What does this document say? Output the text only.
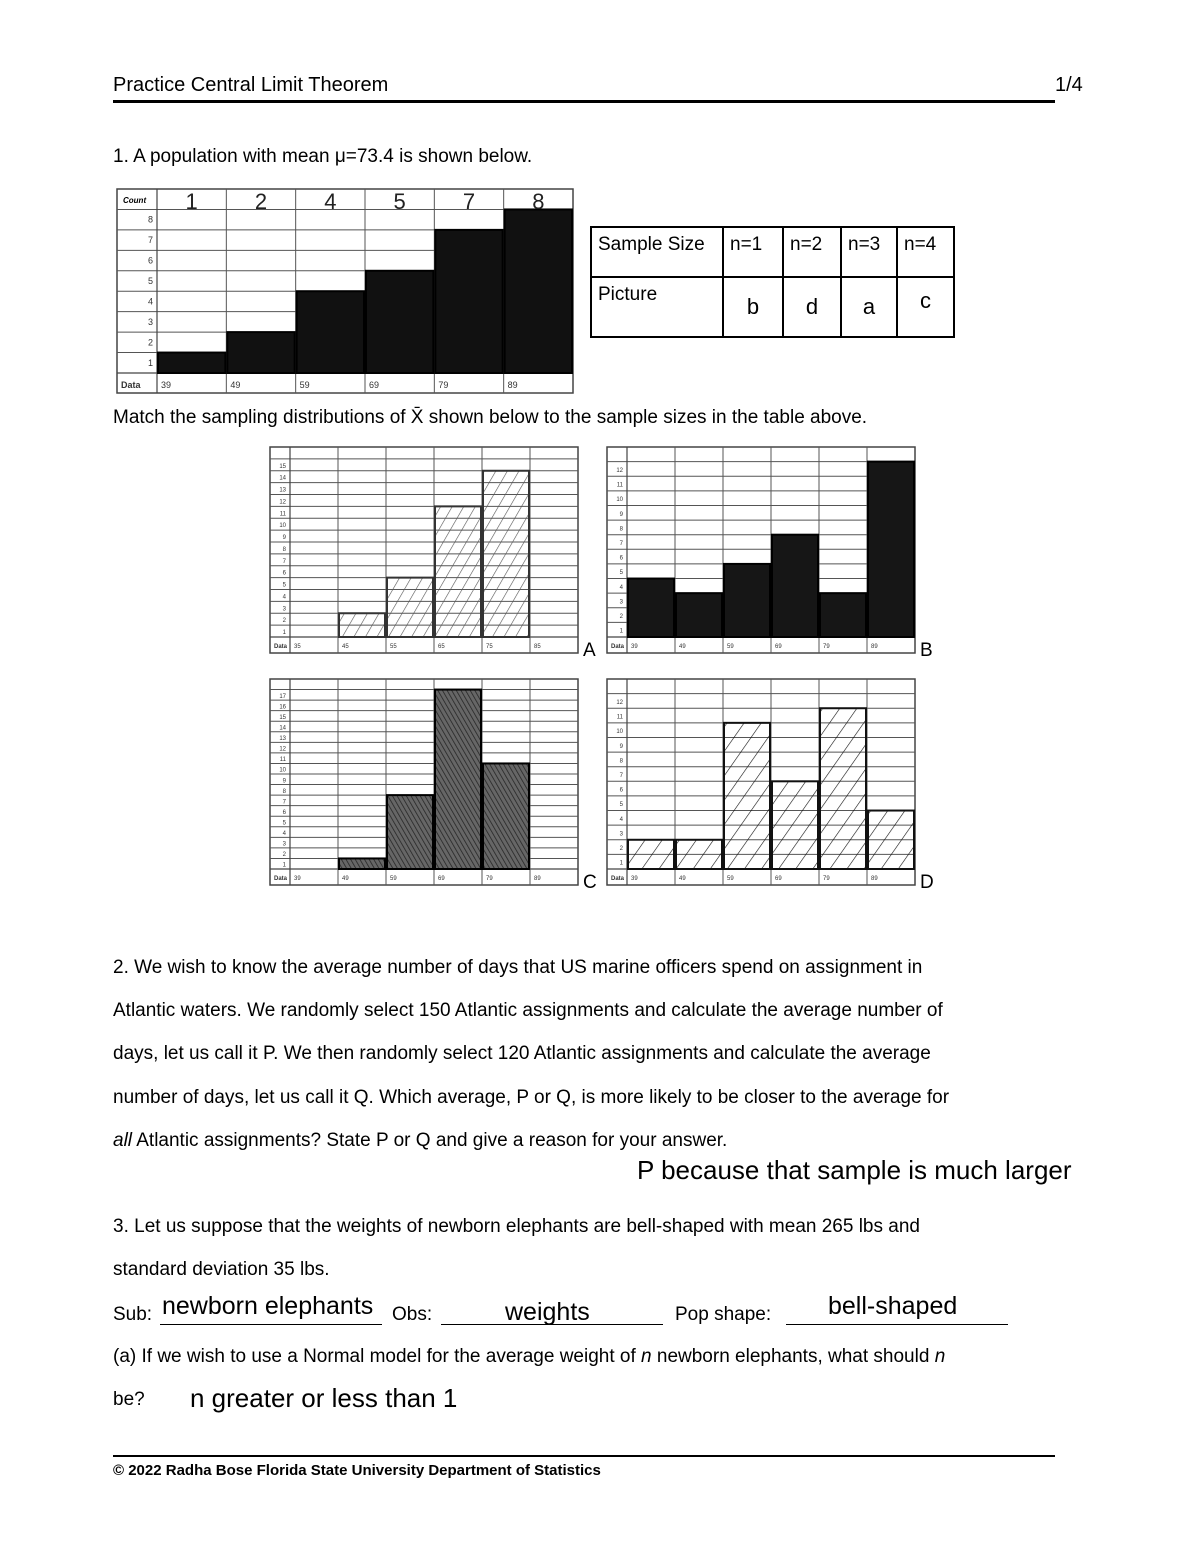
Practice Central Limit Theorem	1/4
1. A population with mean μ=73.4 is shown below.
1
2
3
4
5
6
7
8
Data
Count
39	49	59	69	79	89
1	2	4	5	7	8
Sample Size	n=1	n=2	n=3	n=4
Picture	b	d	a	c
Match the sampling distributions of X̄ shown below to the sample sizes in the table above.
1
2
3
4
5
6
7
8
9
10
11
12
13
14
15
Data 35	45	55	65	75	85 A
1
2
3
4
5
6
7
8
9
10
11
12
Data 39	49	59	69	79	89 B
1
2
3
4
5
6
7
8
9
10
11
12
13
14
15
16
17
Data 39	49	59	69	79	89 C
1
2
3
4
5
6
7
8
9
10
11
12
Data 39	49	59	69	79	89 D
2. We wish to know the average number of days that US marine officers spend on assignment in
Atlantic waters. We randomly select 150 Atlantic assignments and calculate the average number of
days, let us call it P. We then randomly select 120 Atlantic assignments and calculate the average
number of days, let us call it Q. Which average, P or Q, is more likely to be closer to the average for
all Atlantic assignments? State P or Q and give a reason for your answer.
P because that sample is much larger
3. Let us suppose that the weights of newborn elephants are bell-shaped with mean 265 lbs and
standard deviation 35 lbs.
Sub: newborn elephants Obs:	weights	Pop shape: bell-shaped
(a) If we wish to use a Normal model for the average weight of n newborn elephants, what should n
be? n greater or less than 1
© 2022 Radha Bose Florida State University Department of Statistics
